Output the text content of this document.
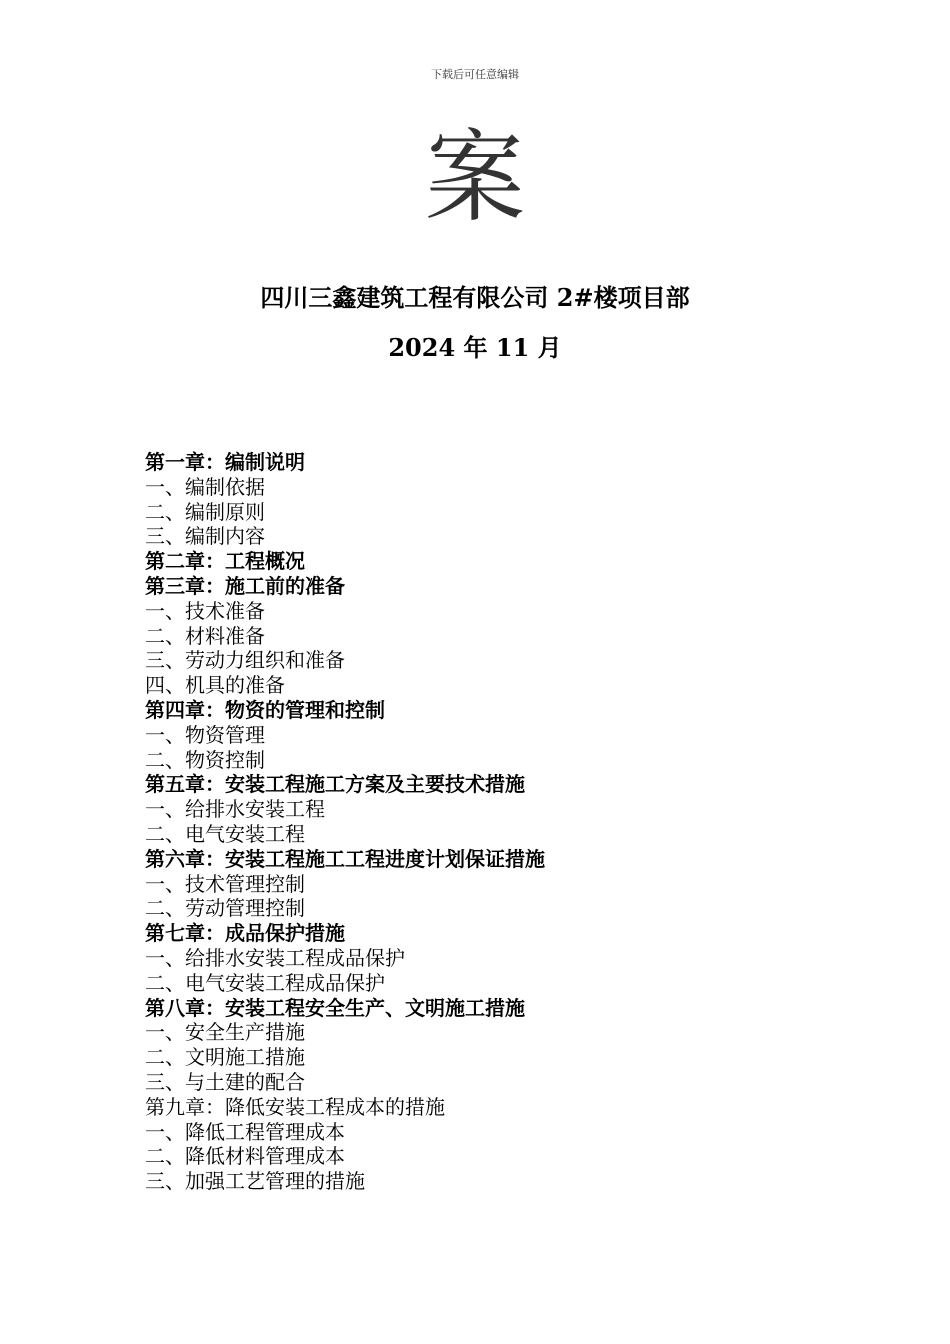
下载后可任意编辑
案
四川三鑫建筑工程有限公司 2#楼项目部
2024 年 11 月
第一章：编制说明
一、编制依据
二、编制原则
三、编制内容
第二章：工程概况
第三章：施工前的准备
一、技术准备
二、材料准备
三、劳动力组织和准备
四、机具的准备
第四章：物资的管理和控制
一、物资管理
二、物资控制
第五章：安装工程施工方案及主要技术措施
一、给排水安装工程
二、电气安装工程
第六章：安装工程施工工程进度计划保证措施
一、技术管理控制
二、劳动管理控制
第七章：成品保护措施
一、给排水安装工程成品保护
二、电气安装工程成品保护
第八章：安装工程安全生产、文明施工措施
一、安全生产措施
二、文明施工措施
三、与土建的配合
第九章：降低安装工程成本的措施
一、降低工程管理成本
二、降低材料管理成本
三、加强工艺管理的措施
